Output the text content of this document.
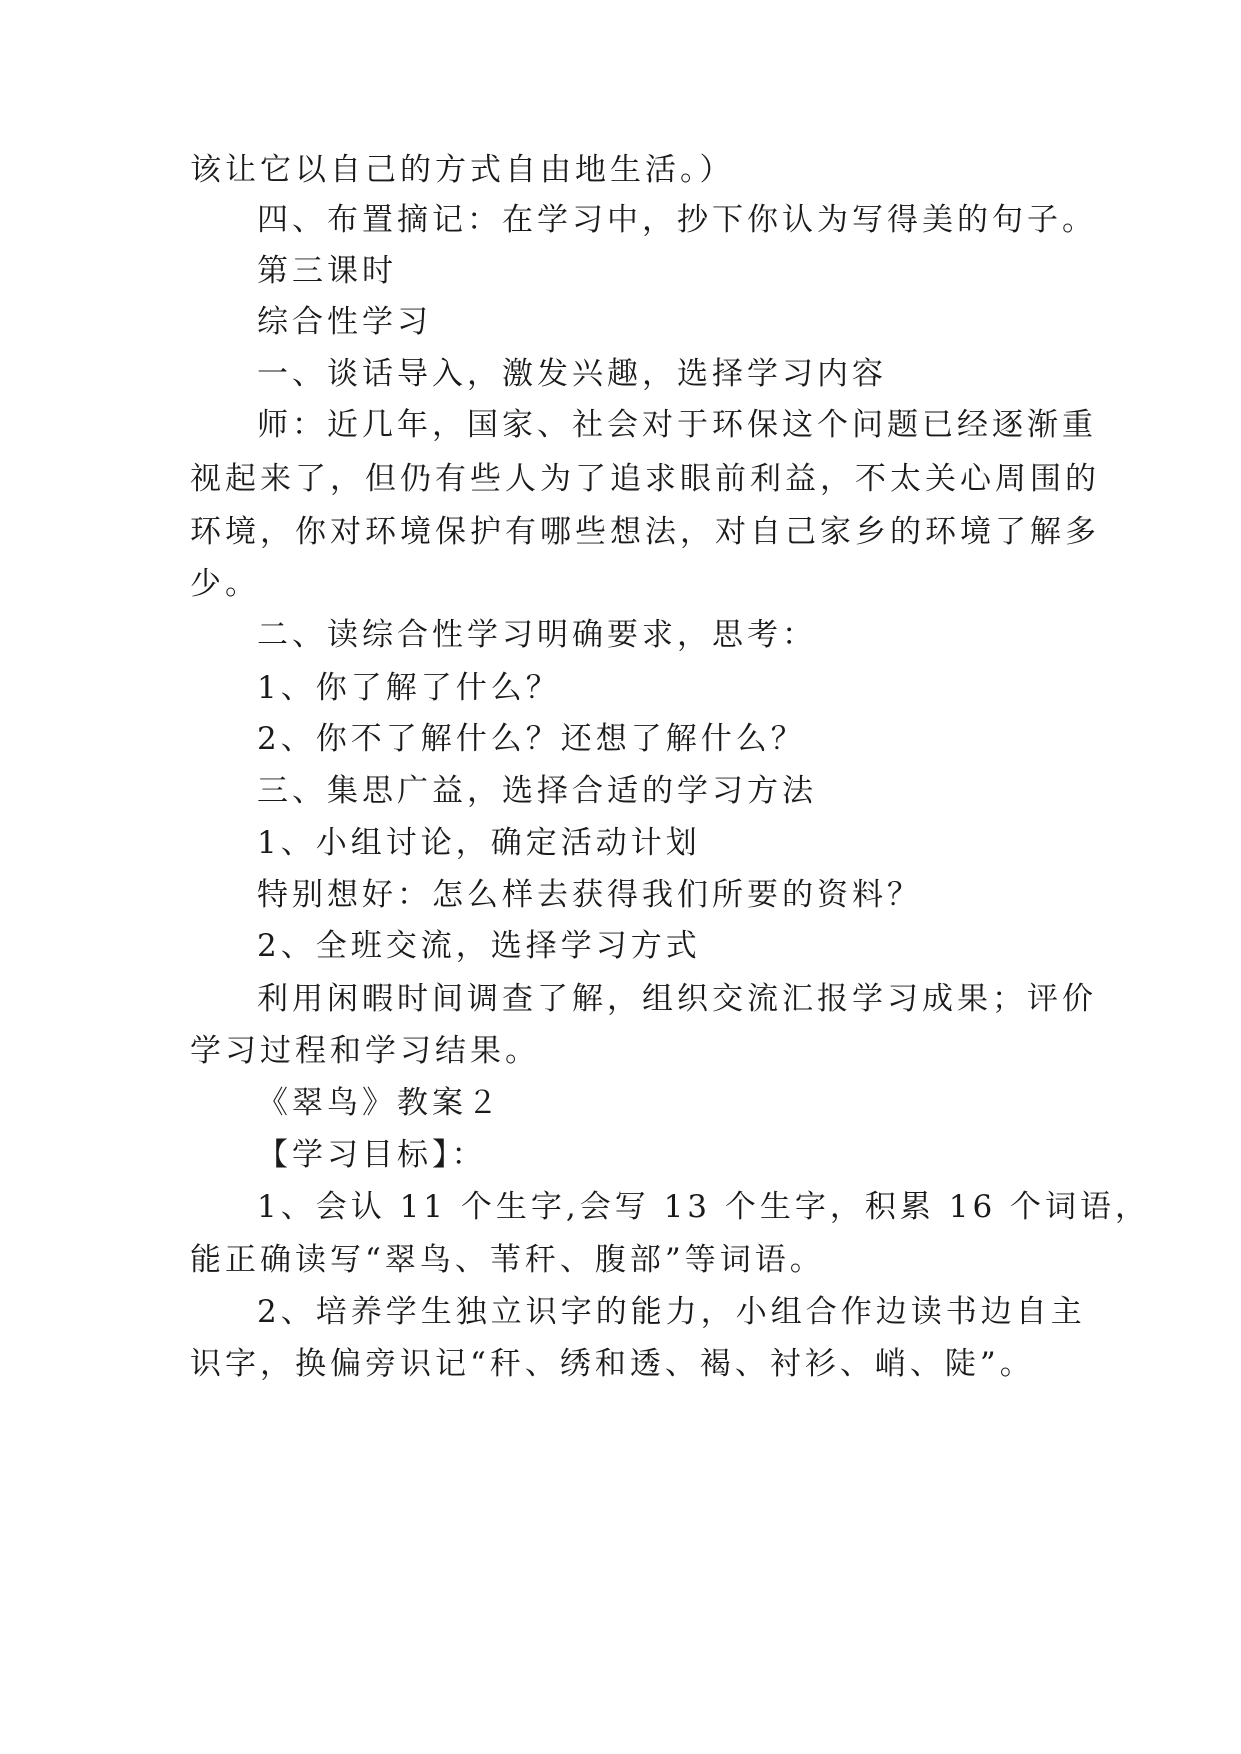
该让它以自己的方式自由地生活。）
四、布置摘记：在学习中，抄下你认为写得美的句子。
第三课时
综合性学习
一、谈话导入，激发兴趣，选择学习内容
师：近几年，国家、社会对于环保这个问题已经逐渐重
视起来了，但仍有些人为了追求眼前利益，不太关心周围的
环境，你对环境保护有哪些想法，对自己家乡的环境了解多
少。
二、读综合性学习明确要求，思考：
1、你了解了什么？
2、你不了解什么？还想了解什么？
三、集思广益，选择合适的学习方法
1、小组讨论，确定活动计划
特别想好：怎么样去获得我们所要的资料？
2、全班交流，选择学习方式
利用闲暇时间调查了解，组织交流汇报学习成果；评价
学习过程和学习结果。
《翠鸟》教案２
【学习目标】：
1、会认 11 个生字,会写 13 个生字，积累 16 个词语，
能正确读写“翠鸟、苇秆、腹部”等词语。
2、培养学生独立识字的能力，小组合作边读书边自主
识字，换偏旁识记“秆、绣和透、褐、衬衫、峭、陡”。
